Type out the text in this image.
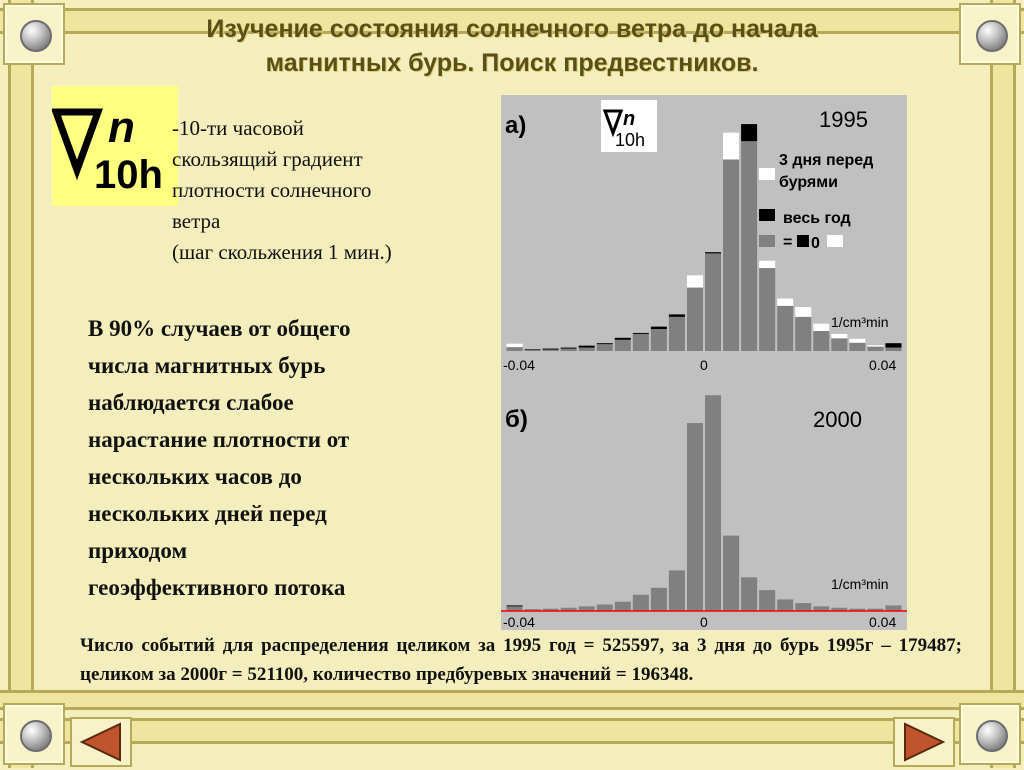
Изучение состояния солнечного ветра до начала
магнитных бурь. Поиск предвестников.
n
10h
-10-ти часовой
скользящий градиент
плотности солнечного
ветра
(шаг скольжения 1 мин.)
В 90% случаев от общего
числа магнитных бурь
наблюдается слабое
нарастание плотности от
нескольких часов до
нескольких дней перед
приходом
геоэффективного потока
а)	n
10h
1995
3 дня перед
бурями
весь год
= 0
1/cm³min
-0.04	0	0.04
б)	2000
1/cm³min
-0.04	0	0.04
Число событий для распределения целиком за 1995 год = 525597, за 3 дня до бурь 1995г – 179487; целиком за 2000г = 521100, количество предбуревых значений = 196348.
